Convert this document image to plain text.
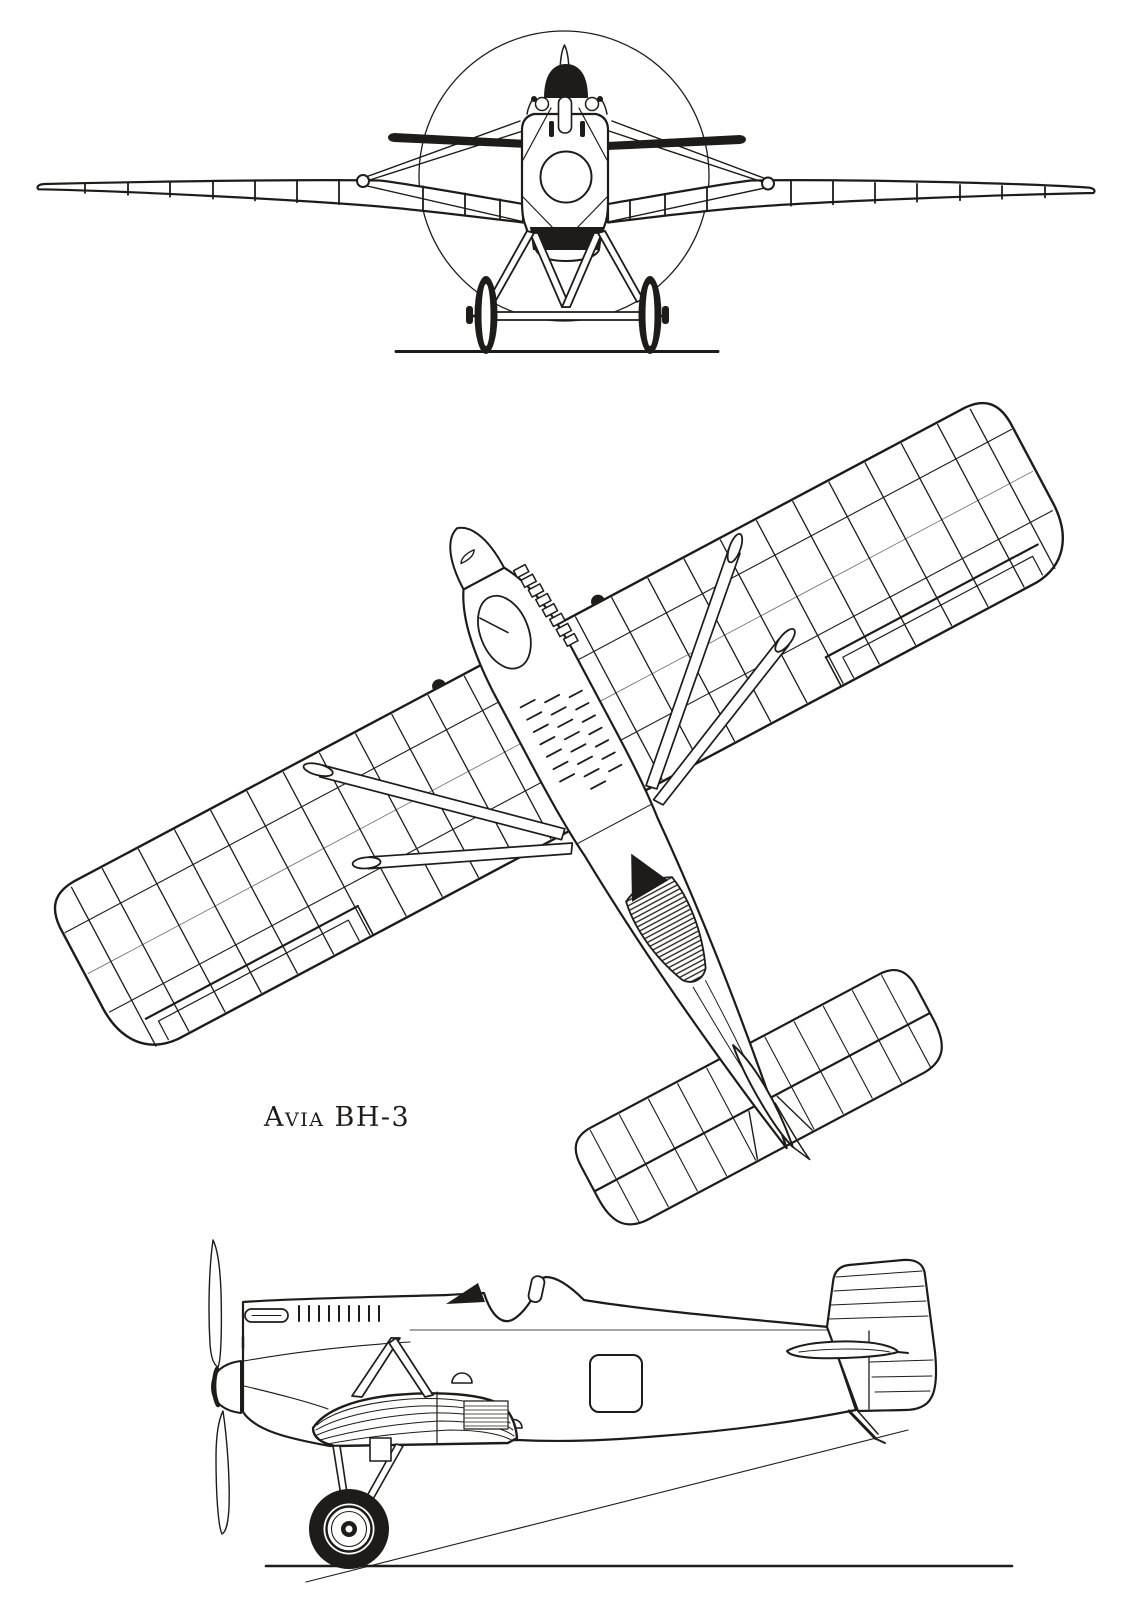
Avia BH-3
